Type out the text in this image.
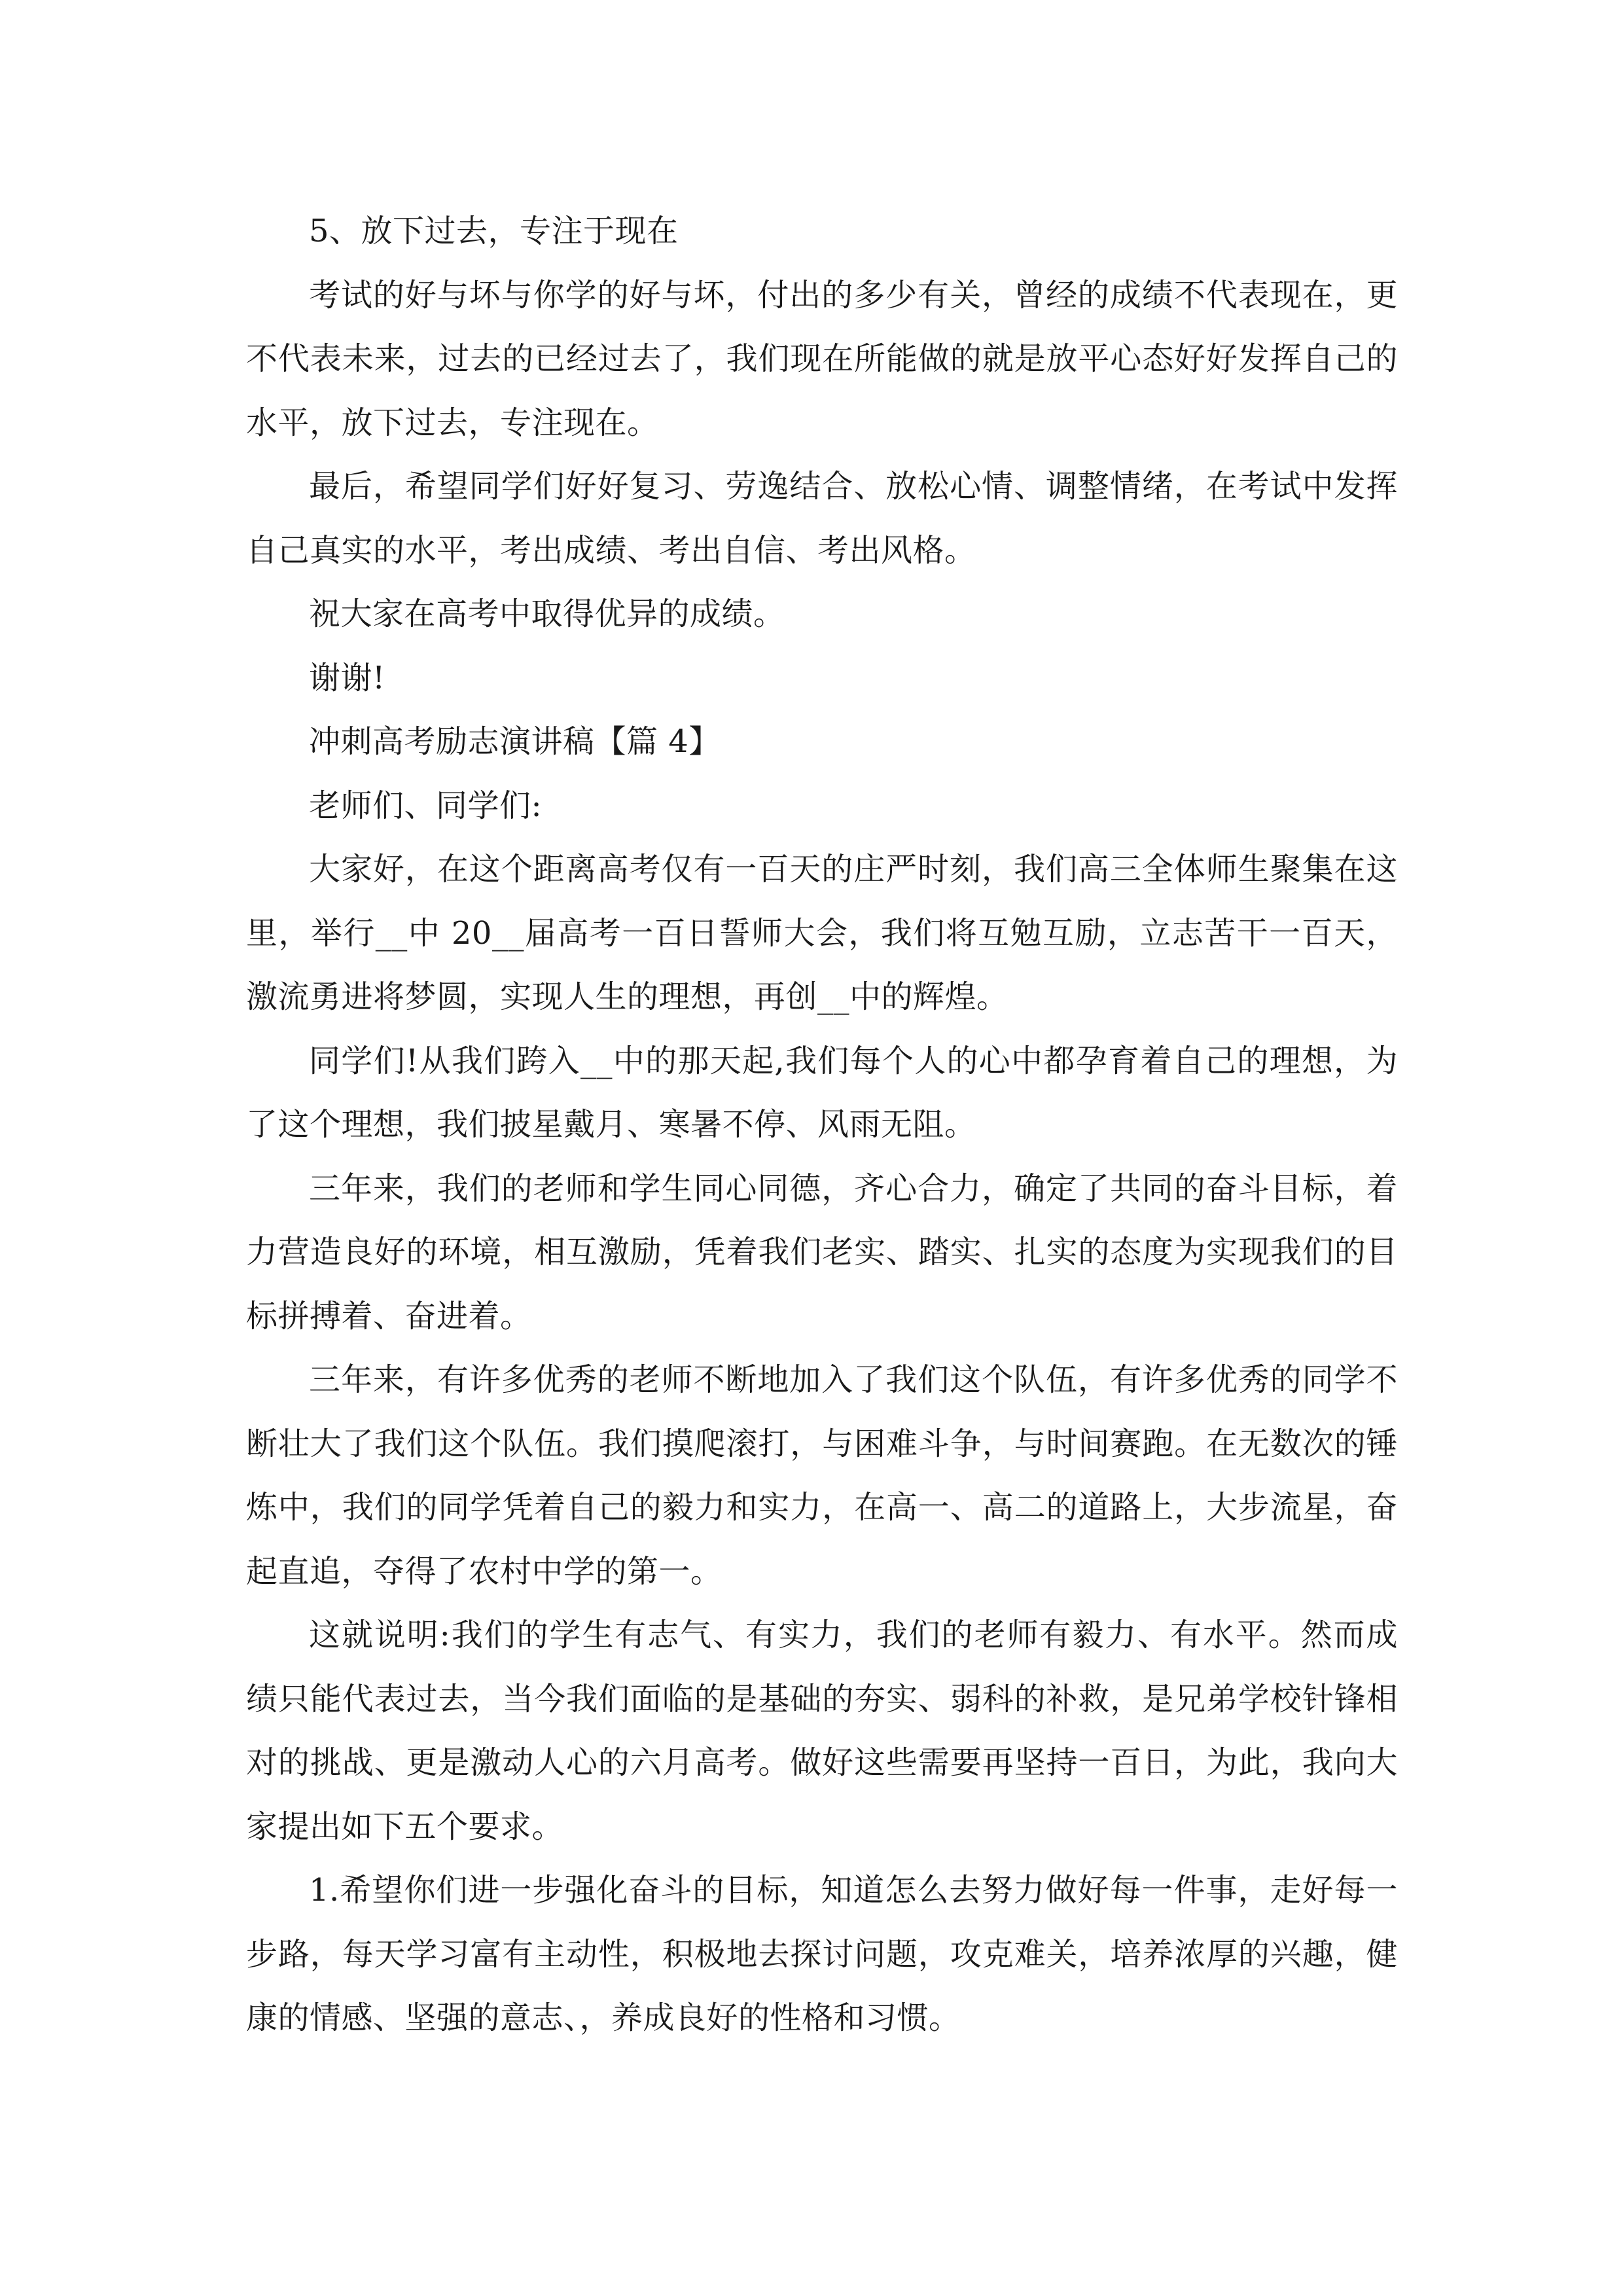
5、放下过去，专注于现在

考试的好与坏与你学的好与坏，付出的多少有关，曾经的成绩不代表现在，更不代表未来，过去的已经过去了，我们现在所能做的就是放平心态好好发挥自己的水平，放下过去，专注现在。

最后，希望同学们好好复习、劳逸结合、放松心情、调整情绪，在考试中发挥自己真实的水平，考出成绩、考出自信、考出风格。

祝大家在高考中取得优异的成绩。

谢谢!

冲刺高考励志演讲稿【篇 4】

老师们、同学们:

大家好，在这个距离高考仅有一百天的庄严时刻，我们高三全体师生聚集在这里，举行__中 20__届高考一百日誓师大会，我们将互勉互励，立志苦干一百天，激流勇进将梦圆，实现人生的理想，再创__中的辉煌。

同学们!从我们跨入__中的那天起,我们每个人的心中都孕育着自己的理想，为了这个理想，我们披星戴月、寒暑不停、风雨无阻。

三年来，我们的老师和学生同心同德，齐心合力，确定了共同的奋斗目标，着力营造良好的环境，相互激励，凭着我们老实、踏实、扎实的态度为实现我们的目标拼搏着、奋进着。

三年来，有许多优秀的老师不断地加入了我们这个队伍，有许多优秀的同学不断壮大了我们这个队伍。我们摸爬滚打，与困难斗争，与时间赛跑。在无数次的锤炼中，我们的同学凭着自己的毅力和实力，在高一、高二的道路上，大步流星，奋起直追，夺得了农村中学的第一。

这就说明:我们的学生有志气、有实力，我们的老师有毅力、有水平。然而成绩只能代表过去，当今我们面临的是基础的夯实、弱科的补救，是兄弟学校针锋相对的挑战、更是激动人心的六月高考。做好这些需要再坚持一百日，为此，我向大家提出如下五个要求。

1.希望你们进一步强化奋斗的目标，知道怎么去努力做好每一件事，走好每一步路，每天学习富有主动性，积极地去探讨问题，攻克难关，培养浓厚的兴趣，健康的情感、坚强的意志、，养成良好的性格和习惯。
